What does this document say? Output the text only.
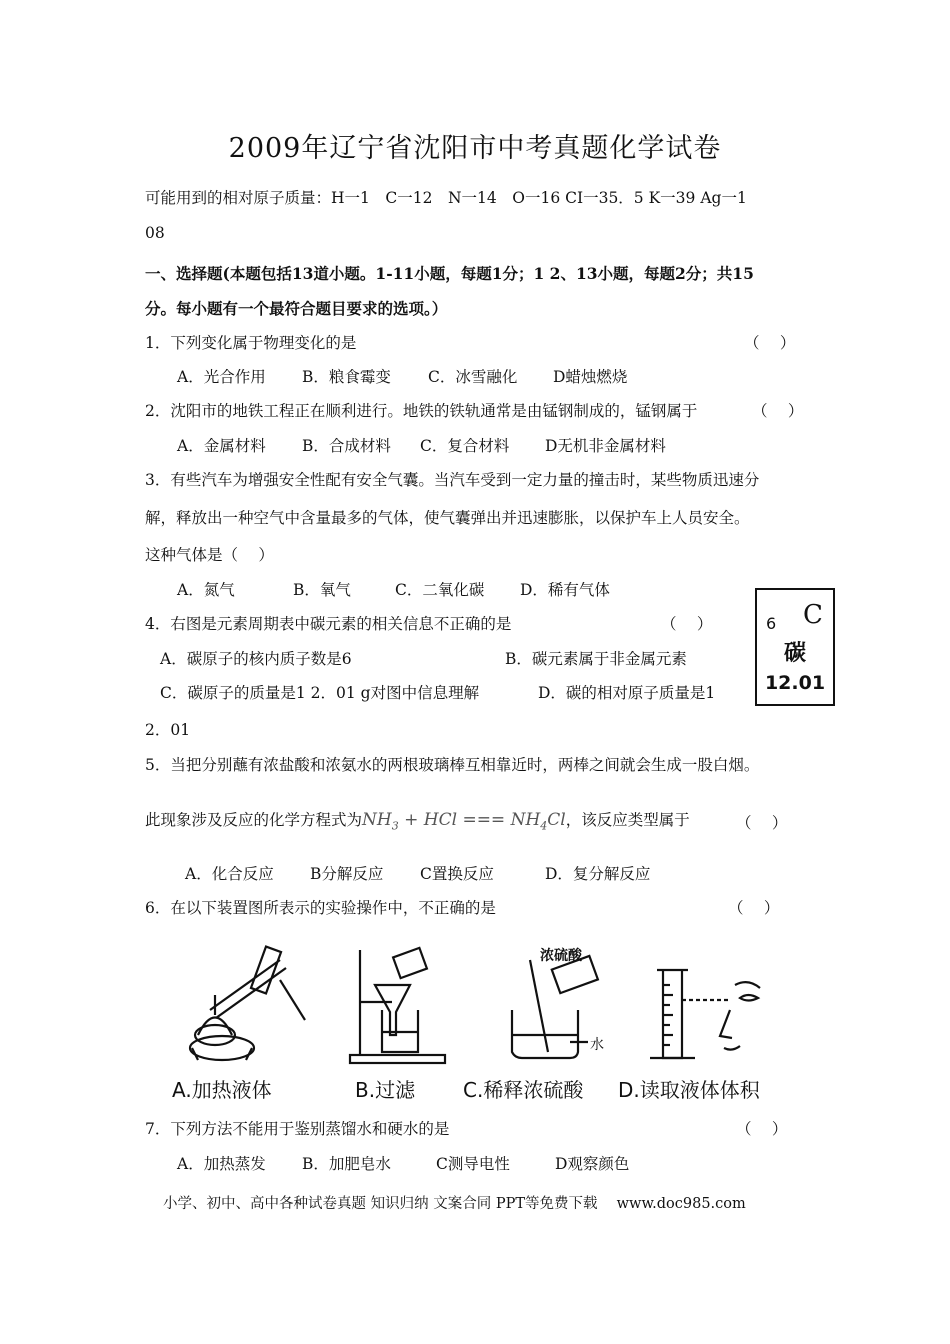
2009年辽宁省沈阳市中考真题化学试卷
可能用到的相对原子质量：H一1　C一12　N一14　O一16 CI一35．5 K一39 Ag一1
08
一、选择题(本题包括13道小题。1-11小题，每题1分；1 2、13小题，每题2分；共15
分。每小题有一个最符合题目要求的选项。）
1．下列变化属于物理变化的是	（　 ）
A．光合作用 B．粮食霉变 C．冰雪融化 D蜡烛燃烧
2．沈阳市的地铁工程正在顺利进行。地铁的铁轨通常是由锰钢制成的，锰钢属于	（　 ）
A．金属材料 B．合成材料 C．复合材料 D无机非金属材料
3．有些汽车为增强安全性配有安全气囊。当汽车受到一定力量的撞击时，某些物质迅速分
解，释放出一种空气中含量最多的气体，使气囊弹出并迅速膨胀，以保护车上人员安全。
这种气体是（　 ）
A．氮气	B．氧气	C．二氧化碳 D．稀有气体
4．右图是元素周期表中碳元素的相关信息不正确的是	（　 ）
A．碳原子的核内质子数是6	B．碳元素属于非金属元素
C．碳原子的质量是1 2．01 g对图中信息理解	D．碳的相对原子质量是1
2．01
6 C
碳
12.01
5．当把分别蘸有浓盐酸和浓氨水的两根玻璃棒互相靠近时，两棒之间就会生成一股白烟。
此现象涉及反应的化学方程式为$NH_3$ + HCl === $NH_4Cl$，该反应类型属于	（　 ）
A．化合反应 B分解反应 C置换反应	D．复分解反应
6．在以下装置图所表示的实验操作中，不正确的是	（　 ）
浓硫酸
水
A.加热液体	B.过滤 C.稀释浓硫酸 D.读取液体体积
7．下列方法不能用于鉴别蒸馏水和硬水的是	（　 ）
A．加热蒸发 B．加肥皂水	C测导电性	D观察颜色
小学、初中、高中各种试卷真题 知识归纳 文案合同 PPT等免费下载　 www.doc985.com
